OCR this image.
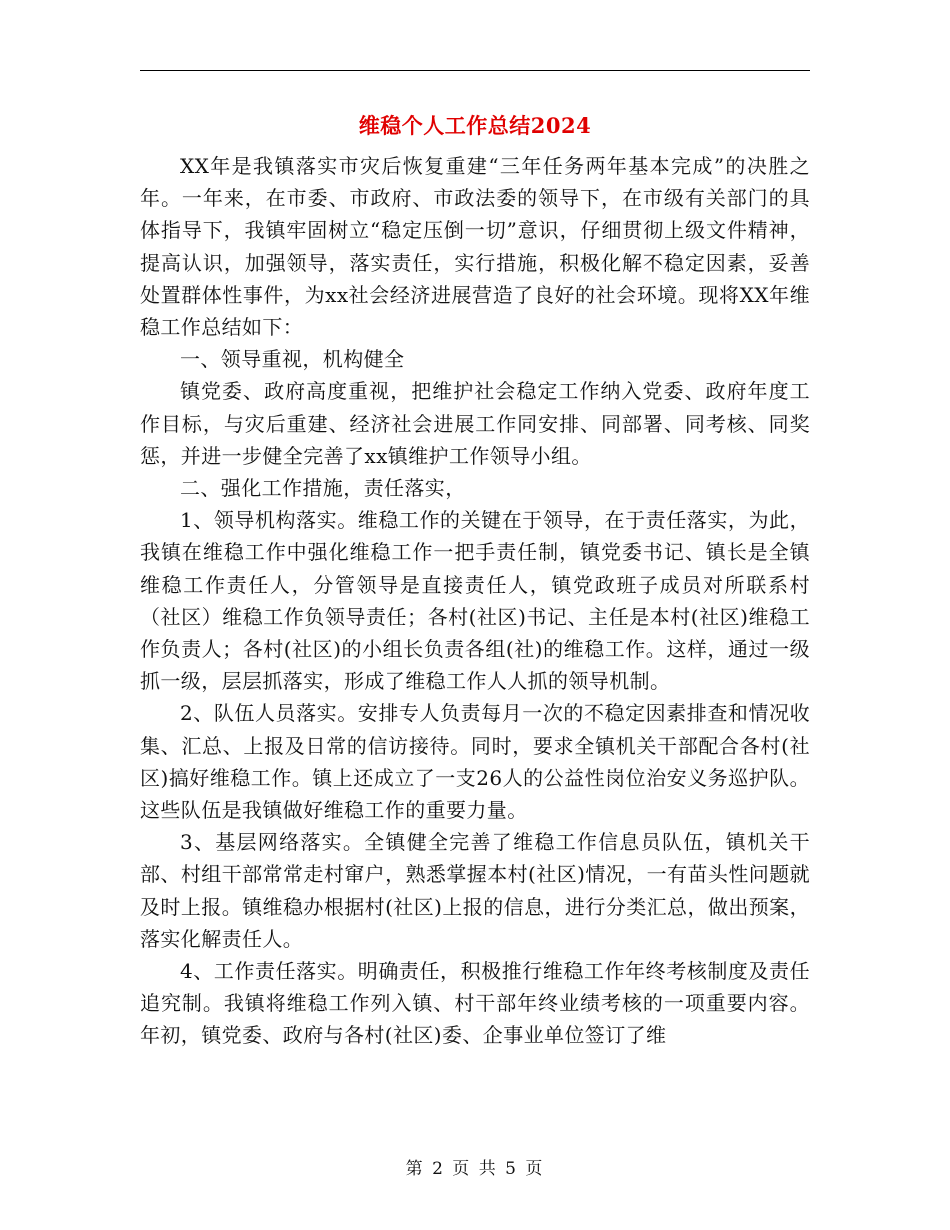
维稳个人工作总结2024

XX年是我镇落实市灾后恢复重建“三年任务两年基本完成”的决胜之年。一年来，在市委、市政府、市政法委的领导下，在市级有关部门的具体指导下，我镇牢固树立“稳定压倒一切”意识，仔细贯彻上级文件精神，提高认识，加强领导，落实责任，实行措施，积极化解不稳定因素，妥善处置群体性事件，为xx社会经济进展营造了良好的社会环境。现将XX年维稳工作总结如下：

一、领导重视，机构健全

镇党委、政府高度重视，把维护社会稳定工作纳入党委、政府年度工作目标，与灾后重建、经济社会进展工作同安排、同部署、同考核、同奖惩，并进一步健全完善了xx镇维护工作领导小组。

二、强化工作措施，责任落实，

1、领导机构落实。维稳工作的关键在于领导，在于责任落实，为此，我镇在维稳工作中强化维稳工作一把手责任制，镇党委书记、镇长是全镇维稳工作责任人，分管领导是直接责任人，镇党政班子成员对所联系村（社区）维稳工作负领导责任；各村(社区)书记、主任是本村(社区)维稳工作负责人；各村(社区)的小组长负责各组(社)的维稳工作。这样，通过一级抓一级，层层抓落实，形成了维稳工作人人抓的领导机制。

2、队伍人员落实。安排专人负责每月一次的不稳定因素排查和情况收集、汇总、上报及日常的信访接待。同时，要求全镇机关干部配合各村(社区)搞好维稳工作。镇上还成立了一支26人的公益性岗位治安义务巡护队。这些队伍是我镇做好维稳工作的重要力量。

3、基层网络落实。全镇健全完善了维稳工作信息员队伍，镇机关干部、村组干部常常走村窜户，熟悉掌握本村(社区)情况，一有苗头性问题就及时上报。镇维稳办根据村(社区)上报的信息，进行分类汇总，做出预案，落实化解责任人。

4、工作责任落实。明确责任，积极推行维稳工作年终考核制度及责任追究制。我镇将维稳工作列入镇、村干部年终业绩考核的一项重要内容。年初，镇党委、政府与各村(社区)委、企事业单位签订了维

第 2 页 共 5 页
